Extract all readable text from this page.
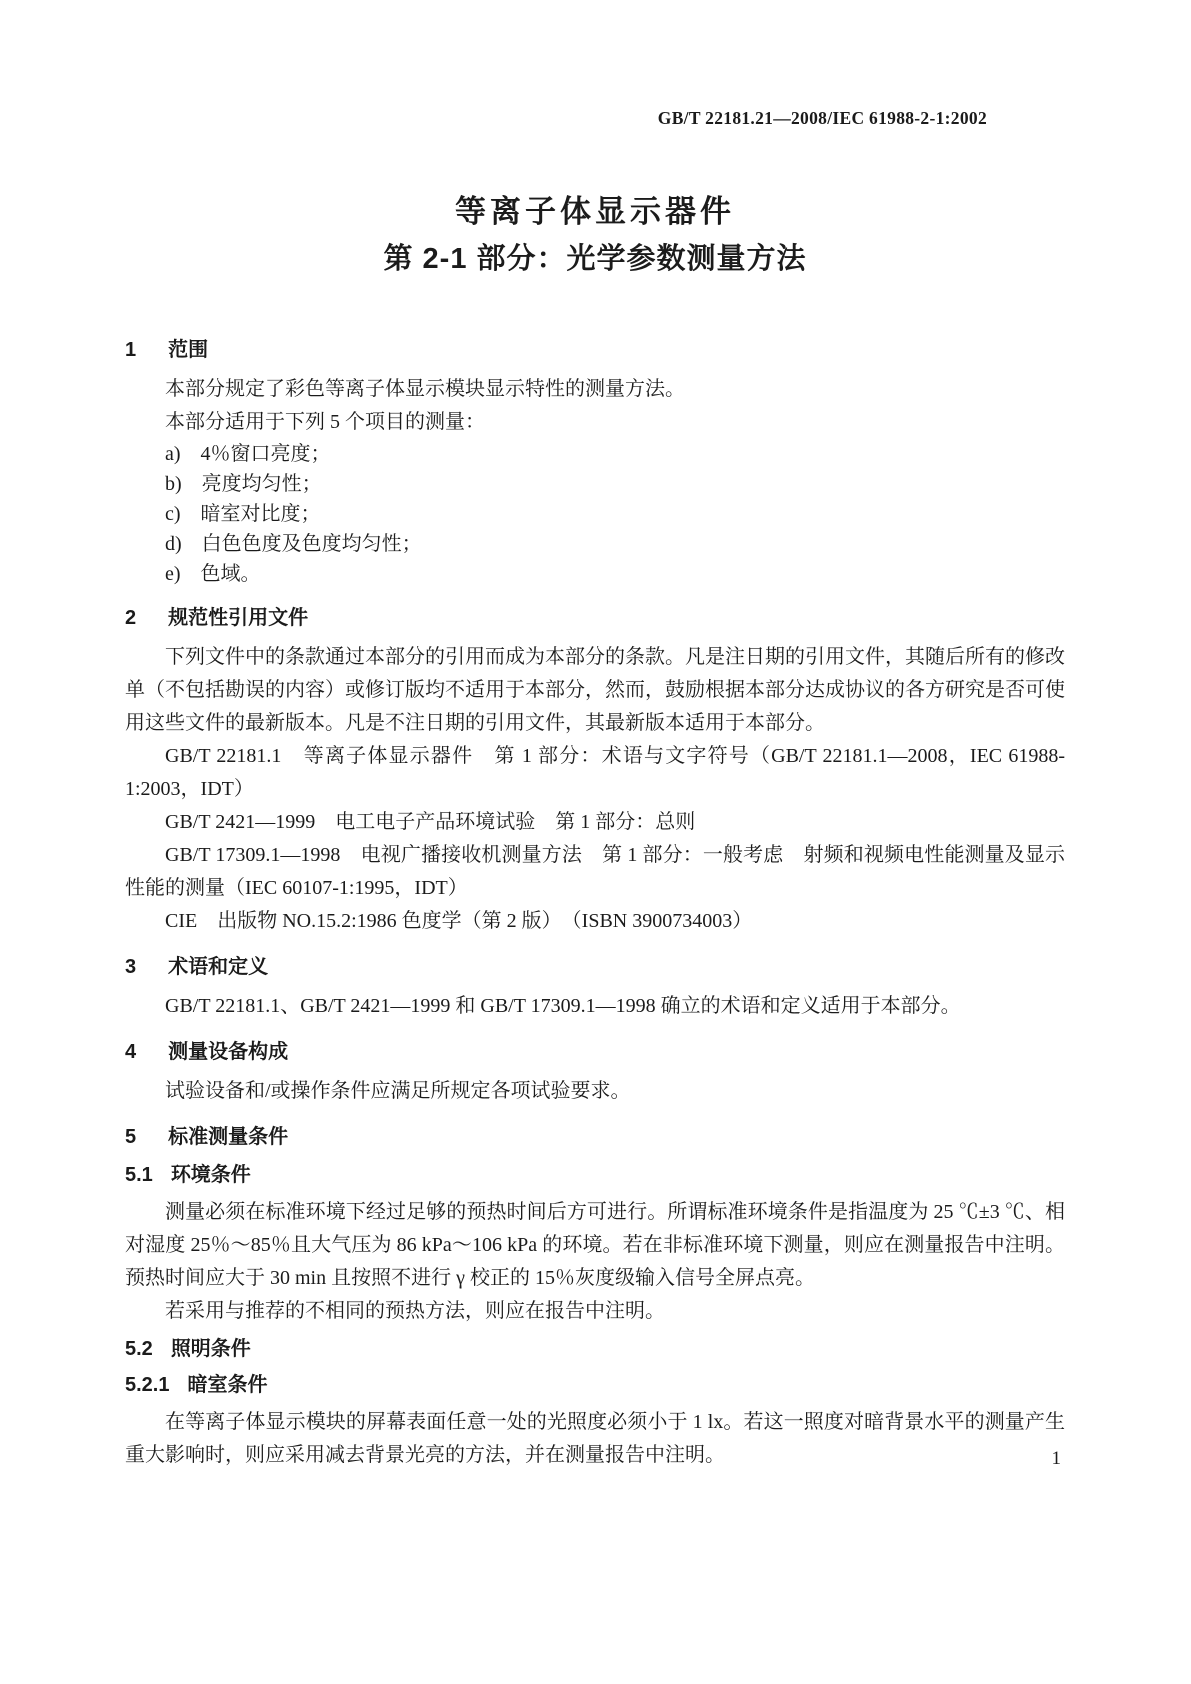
GB/T 22181.21—2008/IEC 61988-2-1:2002
等离子体显示器件
第 2-1 部分：光学参数测量方法
1 范围

本部分规定了彩色等离子体显示模块显示特性的测量方法。

本部分适用于下列 5 个项目的测量：

a)　4％窗口亮度；

b)　亮度均匀性；

c)　暗室对比度；

d)　白色色度及色度均匀性；

e)　色域。

2 规范性引用文件

下列文件中的条款通过本部分的引用而成为本部分的条款。凡是注日期的引用文件，其随后所有的修改单（不包括勘误的内容）或修订版均不适用于本部分，然而，鼓励根据本部分达成协议的各方研究是否可使用这些文件的最新版本。凡是不注日期的引用文件，其最新版本适用于本部分。

GB/T 22181.1　等离子体显示器件　第 1 部分：术语与文字符号（GB/T 22181.1—2008，IEC 61988-1:2003，IDT）

GB/T 2421—1999　电工电子产品环境试验　第 1 部分：总则

GB/T 17309.1—1998　电视广播接收机测量方法　第 1 部分：一般考虑　射频和视频电性能测量及显示性能的测量（IEC 60107-1:1995，IDT）

CIE　出版物 NO.15.2:1986 色度学（第 2 版）　（ISBN 3900734003）

3 术语和定义

GB/T 22181.1、GB/T 2421—1999 和 GB/T 17309.1—1998 确立的术语和定义适用于本部分。

4 测量设备构成

试验设备和/或操作条件应满足所规定各项试验要求。

5 标准测量条件
5.1 环境条件

测量必须在标准环境下经过足够的预热时间后方可进行。所谓标准环境条件是指温度为 25 ℃±3 ℃、相对湿度 25％～85％且大气压为 86 kPa～106 kPa 的环境。若在非标准环境下测量，则应在测量报告中注明。预热时间应大于 30 min 且按照不进行 γ 校正的 15％灰度级输入信号全屏点亮。

若采用与推荐的不相同的预热方法，则应在报告中注明。

5.2 照明条件
5.2.1 暗室条件

在等离子体显示模块的屏幕表面任意一处的光照度必须小于 1 lx。若这一照度对暗背景水平的测量产生重大影响时，则应采用减去背景光亮的方法，并在测量报告中注明。	1
